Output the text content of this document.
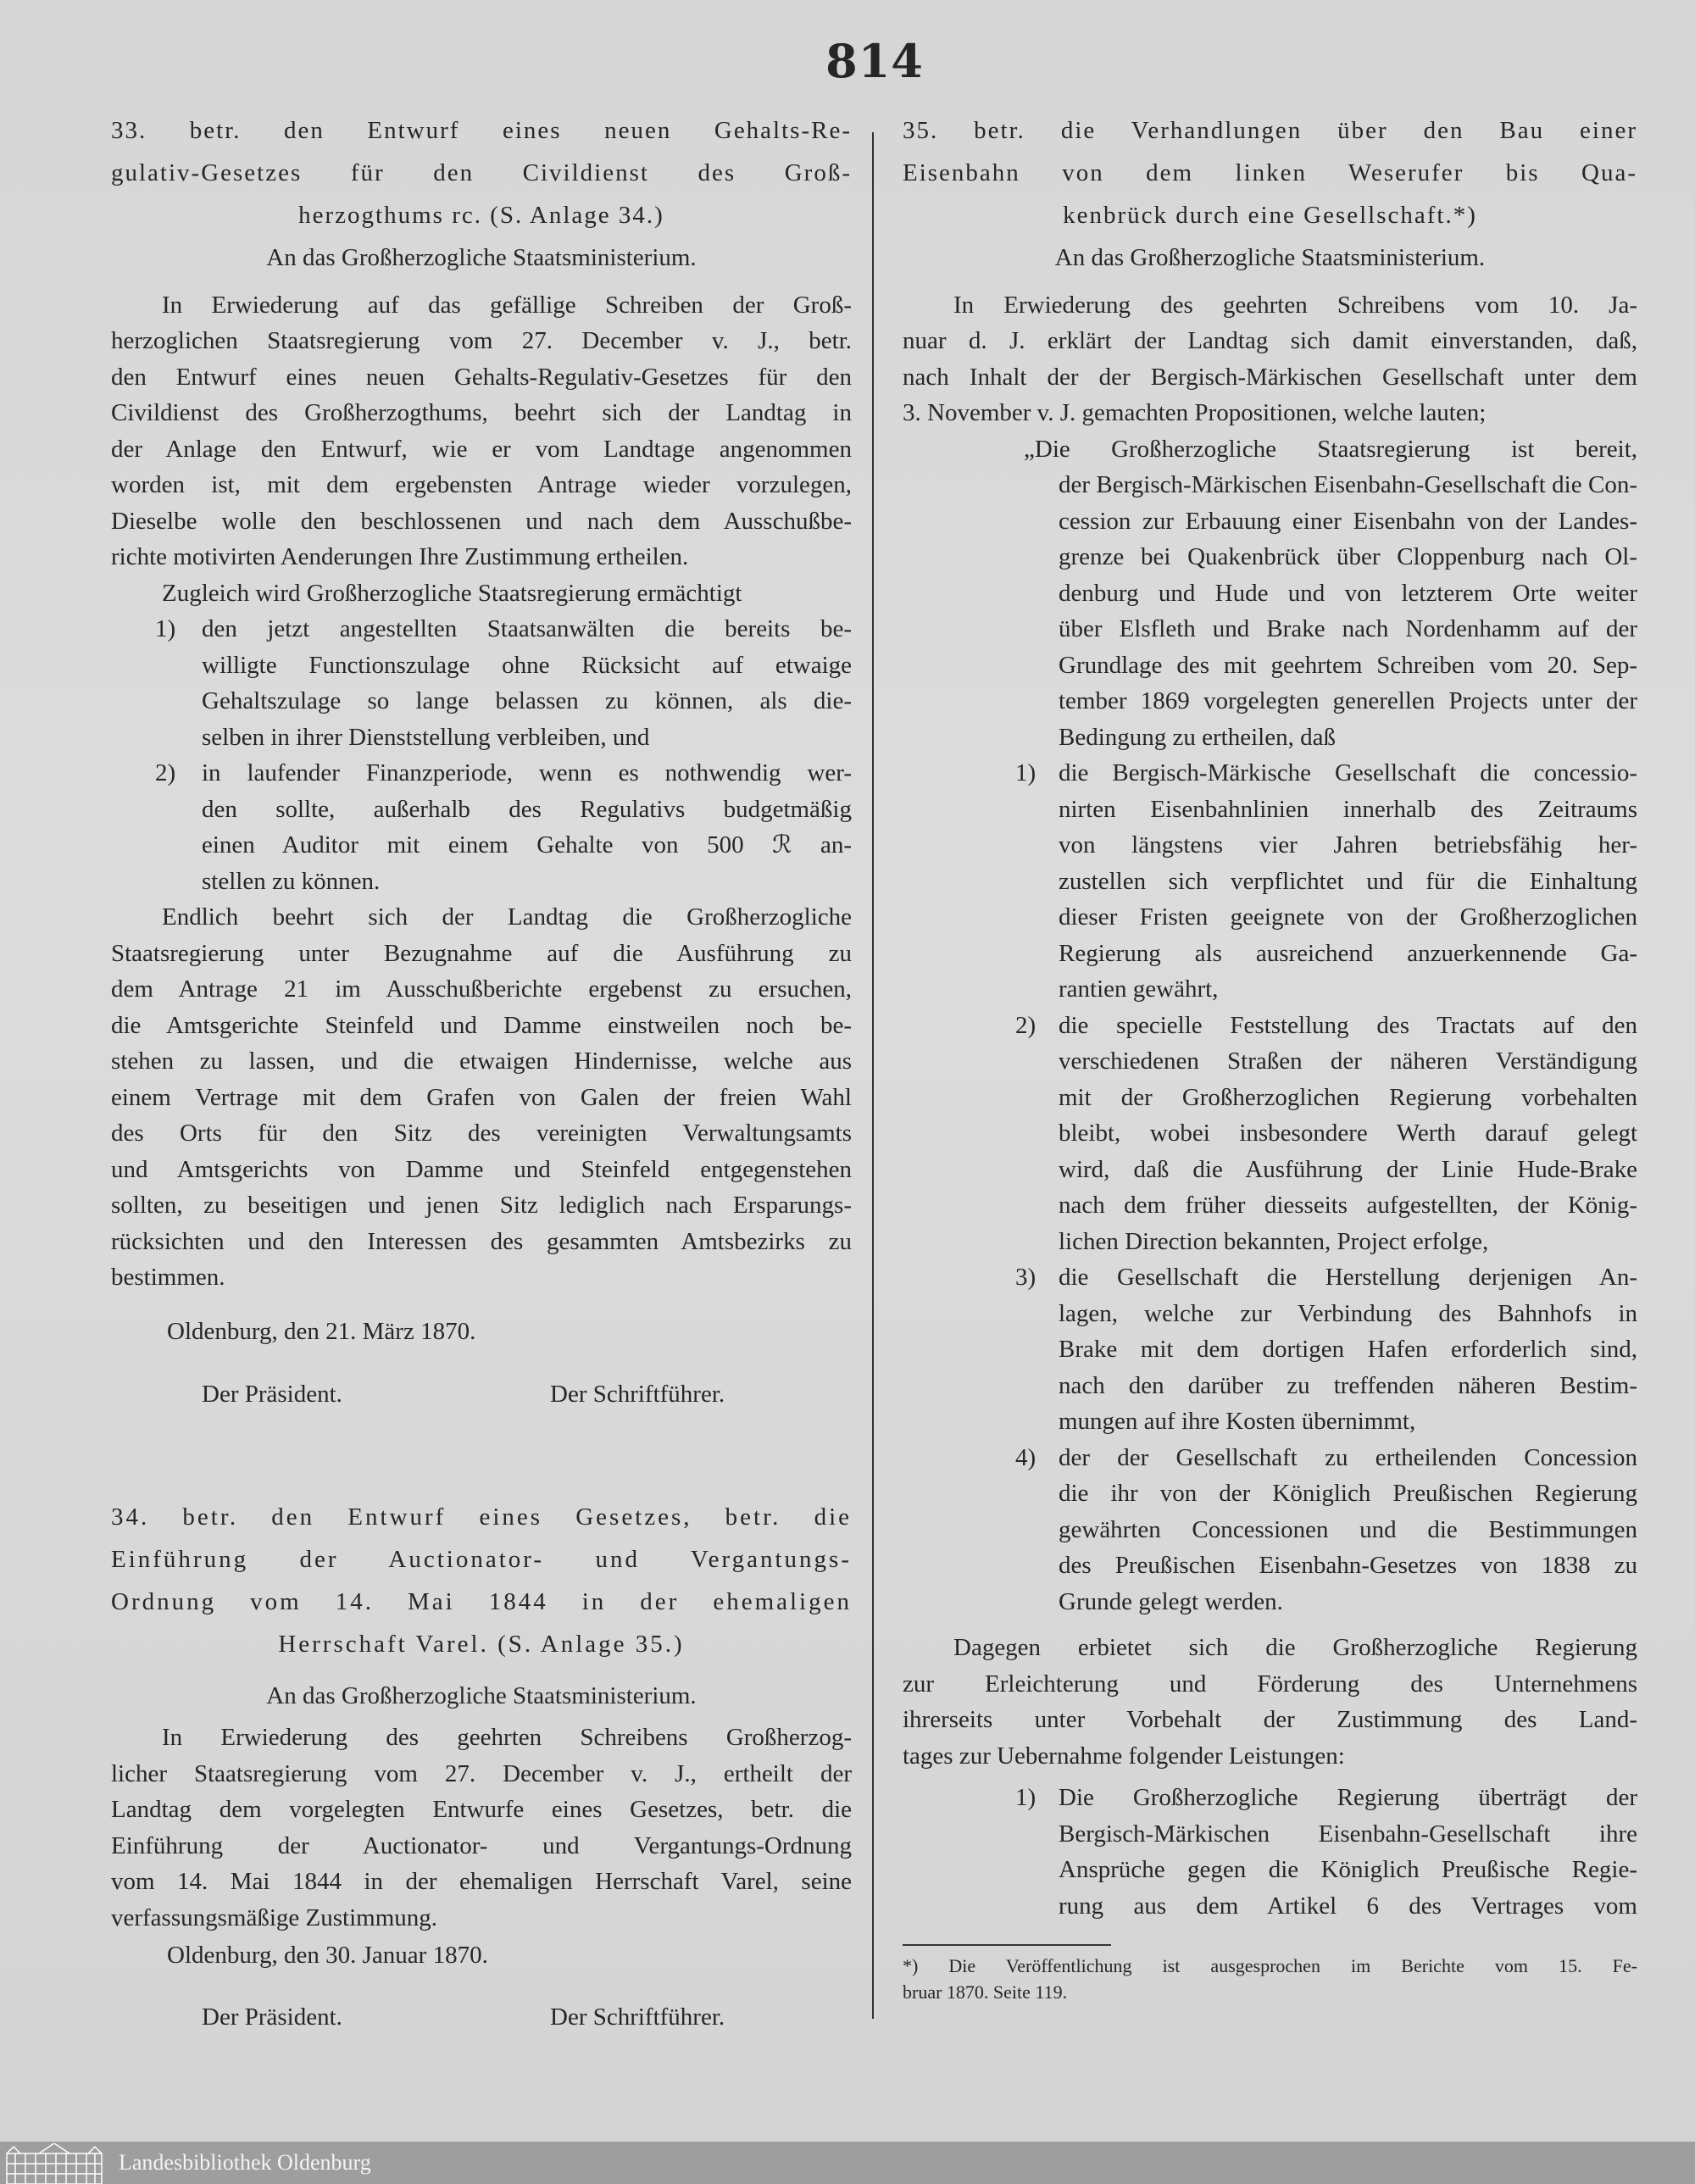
814
33. betr. den Entwurf eines neuen Gehalts-Re-
gulativ-Gesetzes für den Civildienst des Groß-
herzogthums rc. (S. Anlage 34.)
An das Großherzogliche Staatsministerium.
In Erwiederung auf das gefällige Schreiben der Groß-
herzoglichen Staatsregierung vom 27. December v. J., betr.
den Entwurf eines neuen Gehalts-Regulativ-Gesetzes für den
Civildienst des Großherzogthums, beehrt sich der Landtag in
der Anlage den Entwurf, wie er vom Landtage angenommen
worden ist, mit dem ergebensten Antrage wieder vorzulegen,
Dieselbe wolle den beschlossenen und nach dem Ausschußbe-
richte motivirten Aenderungen Ihre Zustimmung ertheilen.
Zugleich wird Großherzogliche Staatsregierung ermächtigt
1) den jetzt angestellten Staatsanwälten die bereits be-
willigte Functionszulage ohne Rücksicht auf etwaige
Gehaltszulage so lange belassen zu können, als die-
selben in ihrer Dienststellung verbleiben, und
2) in laufender Finanzperiode, wenn es nothwendig wer-
den sollte, außerhalb des Regulativs budgetmäßig
einen Auditor mit einem Gehalte von 500 ℛ an-
stellen zu können.
Endlich beehrt sich der Landtag die Großherzogliche
Staatsregierung unter Bezugnahme auf die Ausführung zu
dem Antrage 21 im Ausschußberichte ergebenst zu ersuchen,
die Amtsgerichte Steinfeld und Damme einstweilen noch be-
stehen zu lassen, und die etwaigen Hindernisse, welche aus
einem Vertrage mit dem Grafen von Galen der freien Wahl
des Orts für den Sitz des vereinigten Verwaltungsamts
und Amtsgerichts von Damme und Steinfeld entgegenstehen
sollten, zu beseitigen und jenen Sitz lediglich nach Ersparungs-
rücksichten und den Interessen des gesammten Amtsbezirks zu
bestimmen.
Oldenburg, den 21. März 1870.
Der Präsident.	Der Schriftführer.
34. betr. den Entwurf eines Gesetzes, betr. die
Einführung der Auctionator- und Vergantungs-
Ordnung vom 14. Mai 1844 in der ehemaligen
Herrschaft Varel. (S. Anlage 35.)
An das Großherzogliche Staatsministerium.
In Erwiederung des geehrten Schreibens Großherzog-
licher Staatsregierung vom 27. December v. J., ertheilt der
Landtag dem vorgelegten Entwurfe eines Gesetzes, betr. die
Einführung der Auctionator- und Vergantungs-Ordnung
vom 14. Mai 1844 in der ehemaligen Herrschaft Varel, seine
verfassungsmäßige Zustimmung.
Oldenburg, den 30. Januar 1870.
Der Präsident.	Der Schriftführer.
35. betr. die Verhandlungen über den Bau einer
Eisenbahn von dem linken Weserufer bis Qua-
kenbrück durch eine Gesellschaft.*)
An das Großherzogliche Staatsministerium.
In Erwiederung des geehrten Schreibens vom 10. Ja-
nuar d. J. erklärt der Landtag sich damit einverstanden, daß,
nach Inhalt der der Bergisch-Märkischen Gesellschaft unter dem
3. November v. J. gemachten Propositionen, welche lauten;
„Die Großherzogliche Staatsregierung ist bereit,
der Bergisch-Märkischen Eisenbahn-Gesellschaft die Con-
cession zur Erbauung einer Eisenbahn von der Landes-
grenze bei Quakenbrück über Cloppenburg nach Ol-
denburg und Hude und von letzterem Orte weiter
über Elsfleth und Brake nach Nordenhamm auf der
Grundlage des mit geehrtem Schreiben vom 20. Sep-
tember 1869 vorgelegten generellen Projects unter der
Bedingung zu ertheilen, daß
1) die Bergisch-Märkische Gesellschaft die concessio-
nirten Eisenbahnlinien innerhalb des Zeitraums
von längstens vier Jahren betriebsfähig her-
zustellen sich verpflichtet und für die Einhaltung
dieser Fristen geeignete von der Großherzoglichen
Regierung als ausreichend anzuerkennende Ga-
rantien gewährt,
2) die specielle Feststellung des Tractats auf den
verschiedenen Straßen der näheren Verständigung
mit der Großherzoglichen Regierung vorbehalten
bleibt, wobei insbesondere Werth darauf gelegt
wird, daß die Ausführung der Linie Hude-Brake
nach dem früher diesseits aufgestellten, der König-
lichen Direction bekannten, Project erfolge,
3) die Gesellschaft die Herstellung derjenigen An-
lagen, welche zur Verbindung des Bahnhofs in
Brake mit dem dortigen Hafen erforderlich sind,
nach den darüber zu treffenden näheren Bestim-
mungen auf ihre Kosten übernimmt,
4) der der Gesellschaft zu ertheilenden Concession
die ihr von der Königlich Preußischen Regierung
gewährten Concessionen und die Bestimmungen
des Preußischen Eisenbahn-Gesetzes von 1838 zu
Grunde gelegt werden.
Dagegen erbietet sich die Großherzogliche Regierung
zur Erleichterung und Förderung des Unternehmens
ihrerseits unter Vorbehalt der Zustimmung des Land-
tages zur Uebernahme folgender Leistungen:
1) Die Großherzogliche Regierung überträgt der
Bergisch-Märkischen Eisenbahn-Gesellschaft ihre
Ansprüche gegen die Königlich Preußische Regie-
rung aus dem Artikel 6 des Vertrages vom
*) Die Veröffentlichung ist ausgesprochen im Berichte vom 15. Fe-
bruar 1870. Seite 119.
Landesbibliothek Oldenburg
